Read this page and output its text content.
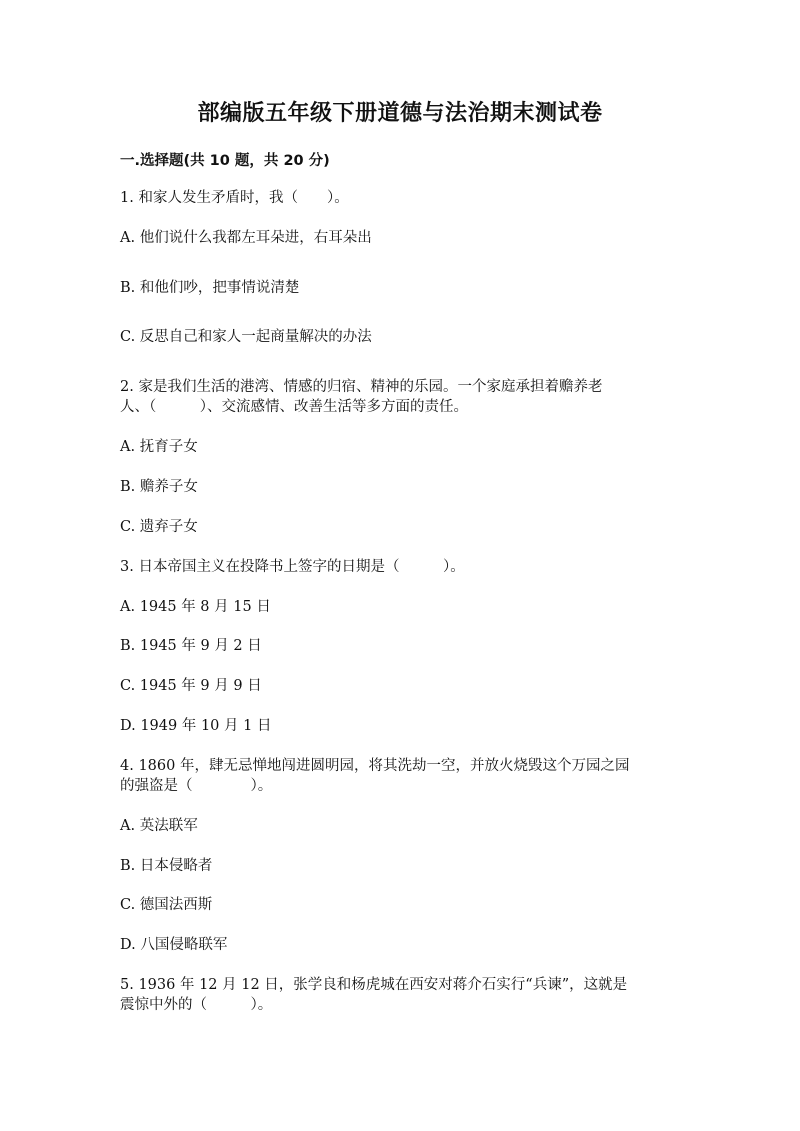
部编版五年级下册道德与法治期末测试卷
一.选择题(共 10 题，共 20 分)
1. 和家人发生矛盾时，我（　　）。
A. 他们说什么我都左耳朵进，右耳朵出
B. 和他们吵，把事情说清楚
C. 反思自己和家人一起商量解决的办法
2. 家是我们生活的港湾、情感的归宿、精神的乐园。一个家庭承担着赡养老
人、（　　　）、交流感情、改善生活等多方面的责任。
A. 抚育子女
B. 赡养子女
C. 遗弃子女
3. 日本帝国主义在投降书上签字的日期是（　　　）。
A. 1945 年 8 月 15 日
B. 1945 年 9 月 2 日
C. 1945 年 9 月 9 日
D. 1949 年 10 月 1 日
4. 1860 年，肆无忌惮地闯进圆明园，将其洗劫一空，并放火烧毁这个万园之园
的强盗是（　　　　）。
A. 英法联军
B. 日本侵略者
C. 德国法西斯
D. 八国侵略联军
5. 1936 年 12 月 12 日，张学良和杨虎城在西安对蒋介石实行“兵谏”，这就是
震惊中外的（　　　）。
